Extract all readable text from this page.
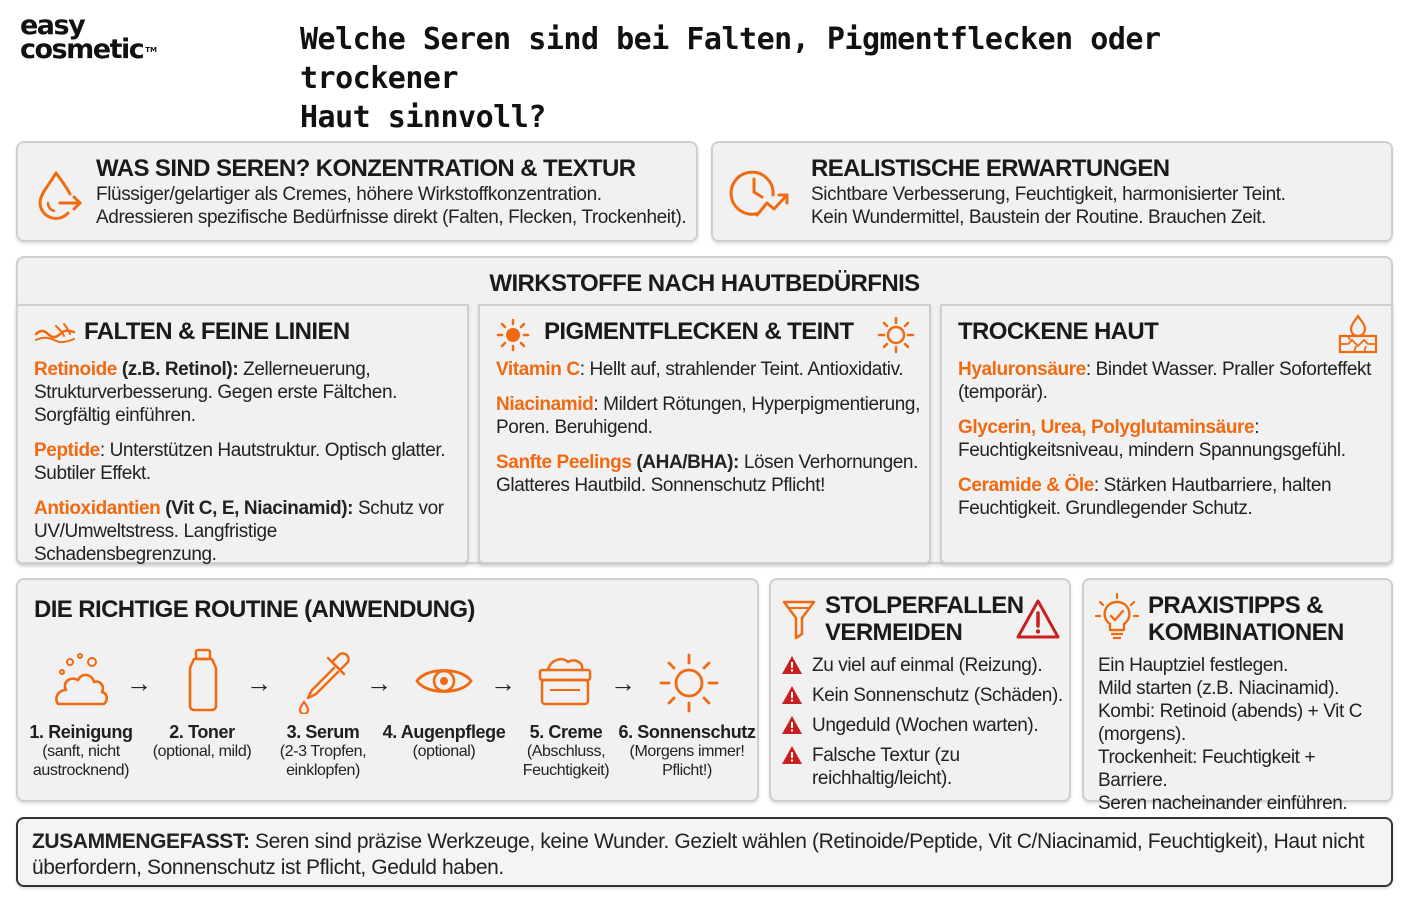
easy
cosmetic ™	Welche Seren sind bei Falten, Pigmentflecken oder trockener
Haut sinnvoll?
WAS SIND SEREN? KONZENTRATION & TEXTUR
Flüssiger/gelartiger als Cremes, höhere Wirkstoffkonzentration.
Adressieren spezifische Bedürfnisse direkt (Falten, Flecken, Trockenheit).
REALISTISCHE ERWARTUNGEN
Sichtbare Verbesserung, Feuchtigkeit, harmonisierter Teint.
Kein Wundermittel, Baustein der Routine. Brauchen Zeit.
WIRKSTOFFE NACH HAUTBEDÜRFNIS
FALTEN & FEINE LINIEN
Retinoide (z.B. Retinol): Zellerneuerung, Strukturverbesserung. Gegen erste Fältchen. Sorgfältig einführen.
Peptide: Unterstützen Hautstruktur. Optisch glatter. Subtiler Effekt.
Antioxidantien (Vit C, E, Niacinamid): Schutz vor UV/Umweltstress. Langfristige Schadensbegrenzung.
PIGMENTFLECKEN & TEINT
Vitamin C: Hellt auf, strahlender Teint. Antioxidativ.
Niacinamid: Mildert Rötungen, Hyperpigmentierung, Poren. Beruhigend.
Sanfte Peelings (AHA/BHA): Lösen Verhornungen. Glatteres Hautbild. Sonnenschutz Pflicht!
TROCKENE HAUT
Hyaluronsäure: Bindet Wasser. Praller Sofortеffekt (temporär).
Glycerin, Urea, Polyglutaminsäure: Feuchtigkeitsniveau, mindern Spannungsgefühl.
Ceramide & Öle: Stärken Hautbarriere, halten Feuchtigkeit. Grundlegender Schutz.
DIE RICHTIGE ROUTINE (ANWENDUNG)
→	→	→	→	→
1. Reinigung
(sanft, nicht
austrocknend)
2. Toner
(optional, mild)
3. Serum
(2-3 Tropfen,
einklopfen)
4. Augenpflege
(optional)
5. Creme
(Abschluss,
Feuchtigkeit)
6. Sonnenschutz
(Morgens immer!
Pflicht!)
STOLPERFALLEN
VERMEIDEN
Zu viel auf einmal (Reizung).
Kein Sonnenschutz (Schäden).
Ungeduld (Wochen warten).
Falsche Textur (zu reichhaltig/leicht).
PRAXISTIPPS &
KOMBINATIONEN
Ein Hauptziel festlegen.
Mild starten (z.B. Niacinamid).
Kombi: Retinoid (abends) + Vit C (morgens).
Trockenheit: Feuchtigkeit + Barriere.
Seren nacheinander einführen.
ZUSAMMENGEFASST: Seren sind präzise Werkzeuge, keine Wunder. Gezielt wählen (Retinoide/Peptide, Vit C/Niacinamid, Feuchtigkeit), Haut nicht überfordern, Sonnenschutz ist Pflicht, Geduld haben.
